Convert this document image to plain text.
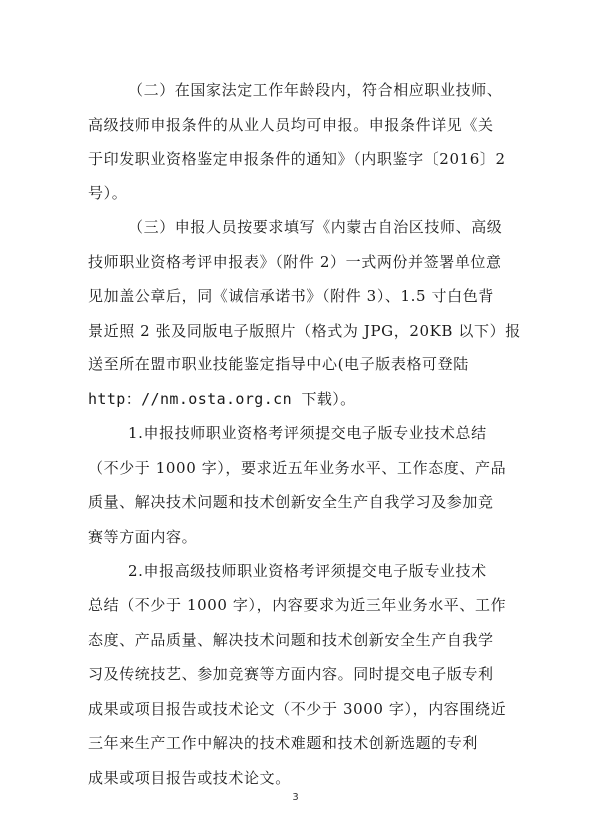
（二）在国家法定工作年龄段内，符合相应职业技师、
高级技师申报条件的从业人员均可申报。申报条件详见《关
于印发职业资格鉴定申报条件的通知》（内职鉴字〔2016〕2
号）。
（三）申报人员按要求填写《内蒙古自治区技师、高级
技师职业资格考评申报表》（附件 2）一式两份并签署单位意
见加盖公章后，同《诚信承诺书》（附件 3）、1.5 寸白色背
景近照 2 张及同版电子版照片（格式为 JPG，20KB 以下）报
送至所在盟市职业技能鉴定指导中心(电子版表格可登陆
http：//nm.osta.org.cn 下载）。
1.申报技师职业资格考评须提交电子版专业技术总结
（不少于 1000 字），要求近五年业务水平、工作态度、产品
质量、解决技术问题和技术创新安全生产自我学习及参加竞
赛等方面内容。
2.申报高级技师职业资格考评须提交电子版专业技术
总结（不少于 1000 字），内容要求为近三年业务水平、工作
态度、产品质量、解决技术问题和技术创新安全生产自我学
习及传统技艺、参加竞赛等方面内容。同时提交电子版专利
成果或项目报告或技术论文（不少于 3000 字），内容围绕近
三年来生产工作中解决的技术难题和技术创新选题的专利
成果或项目报告或技术论文。
3
